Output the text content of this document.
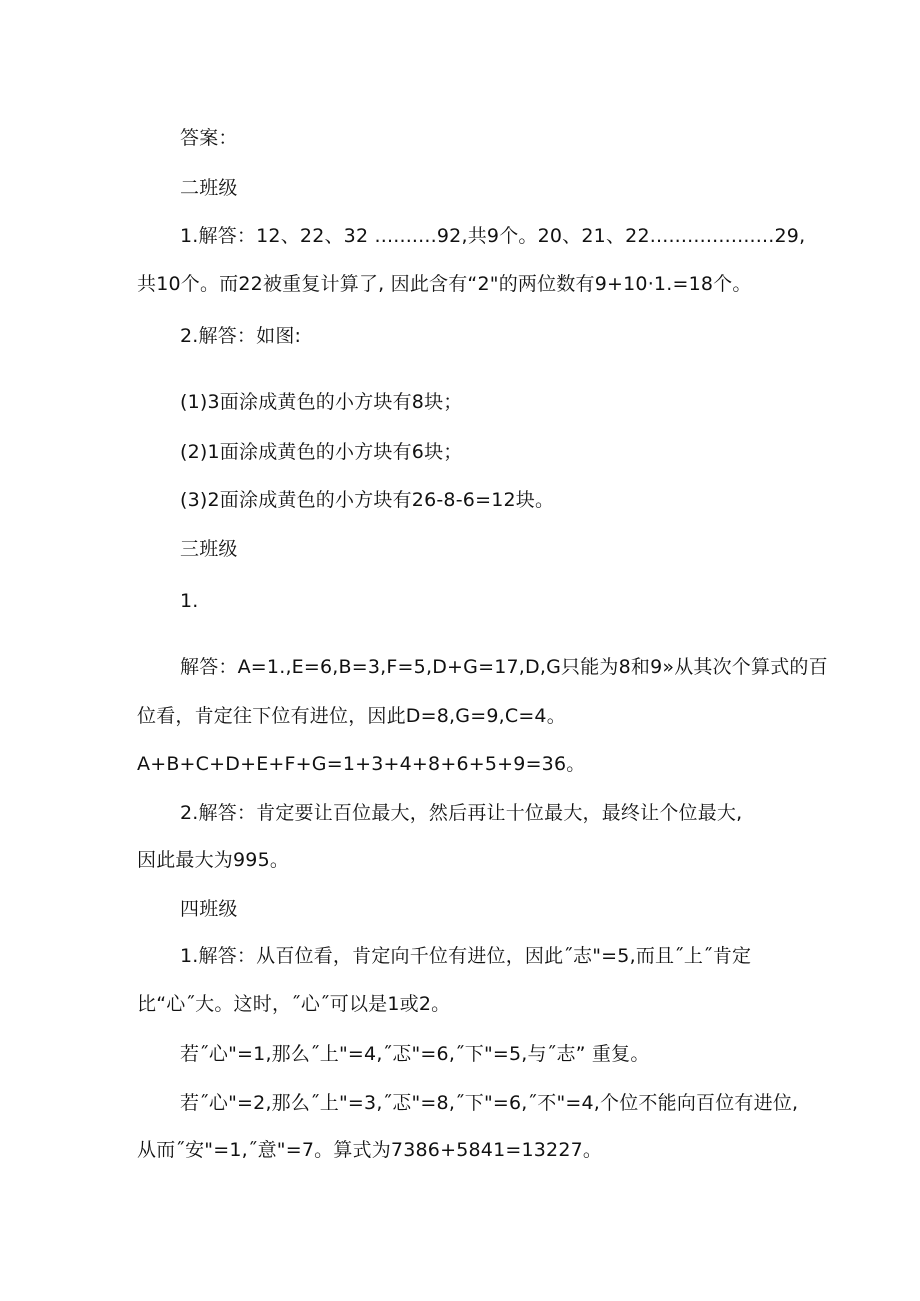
答案：
二班级
1.解答：12、22、32 ..........92,共9个。20、21、22....................29,
共10个。而22被重复计算了, 因此含有“2"的两位数有9+10·1.=18个。
2.解答：如图:
(1)3面涂成黄色的小方块有8块；
(2)1面涂成黄色的小方块有6块；
(3)2面涂成黄色的小方块有26-8-6=12块。
三班级
1.
解答：A=1.,E=6,B=3,F=5,D+G=17,D,G只能为8和9»从其次个算式的百
位看，肯定往下位有进位，因此D=8,G=9,C=4。
A+B+C+D+E+F+G=1+3+4+8+6+5+9=36。
2.解答：肯定要让百位最大，然后再让十位最大，最终让个位最大,
因此最大为995。
四班级
1.解答：从百位看，肯定向千位有进位，因此˝志"=5,而且˝上˝肯定
比“心˝大。这时，˝心˝可以是1或2。
若˝心"=1,那么˝上"=4,˝忑"=6,˝下"=5,与˝志” 重复。
若˝心"=2,那么˝上"=3,˝忑"=8,˝下"=6,˝不"=4,个位不能向百位有进位,
从而˝安"=1,˝意"=7。算式为7386+5841=13227。
